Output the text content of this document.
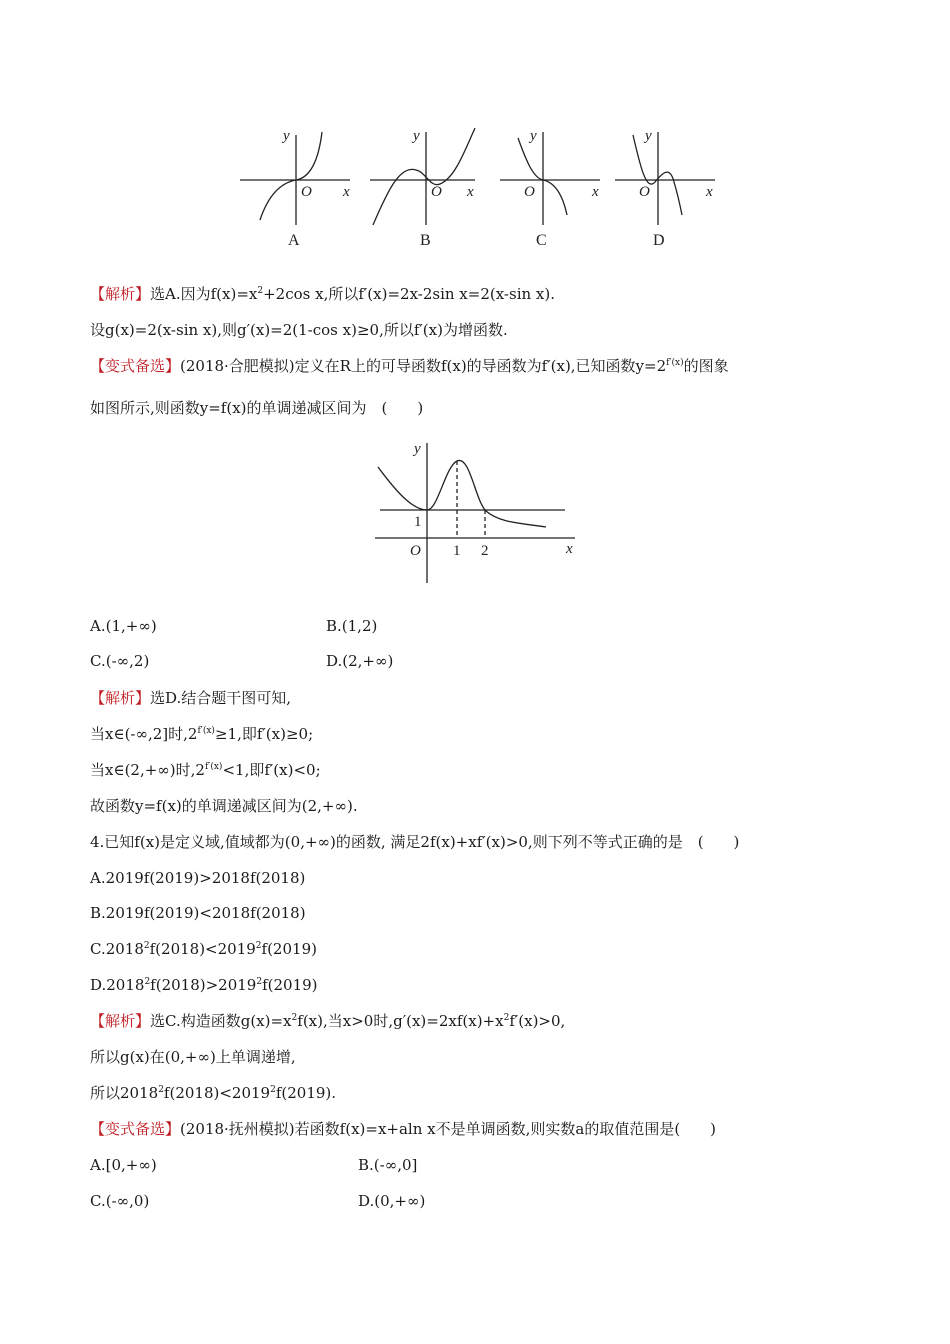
y
O x
y
O x
y
O	x
y
O	x
A	B	C	D
【解析】选A.因为$f(x)=x^2+2\cos$ x,所以f′(x)=2x-2sin x=2(x-sin x).
设g(x)=2(x-sin x),则g′(x)=2(1-cos x)≥0,所以f′(x)为增函数.
【变式备选】(2018·合肥模拟)定义在R上的可导函数f(x)的导函数为f′(x),已知函数$y=2^{f'(x)}$的图象
如图所示,则函数y=f(x)的单调递减区间为　(　　)
y
1
O 1 2	x
A.(1,+∞)	B.(1,2)
C.(-∞,2)	D.(2,+∞)
【解析】选D.结合题干图可知,
当x∈(-∞,2]时$,2^{f'(x)}\ge 1$,即f′(x)≥0;
当x∈(2,+∞)时$,2^{f'(x)}<1$,即f′(x)<0;
故函数y=f(x)的单调递减区间为(2,+∞).
4.已知f(x)是定义域,值域都为(0,+∞)的函数, 满足2f(x)+xf′(x)>0,则下列不等式正确的是　(　　)
A.2019f(2019)>2018f(2018)
B.2019f(2019)<2018f(2018)
$C.2018^2f(2018)<2019^2f(2019)$
$D.2018^2f(2018)>2019^2f(2019)$
【解析】选C.构造函数$g(x)=x^2f(x)$,当x>0时$,g'(x)=2xf(x)+x^2f'(x)>0$,
所以g(x)在(0,+∞)上单调递增,
所以$2018^2f(2018)<2019^2f(2019)$.
【变式备选】(2018·抚州模拟)若函数f(x)=x+aln x不是单调函数,则实数a的取值范围是(　　)
A.[0,+∞)	B.(-∞,0]
C.(-∞,0)	D.(0,+∞)
